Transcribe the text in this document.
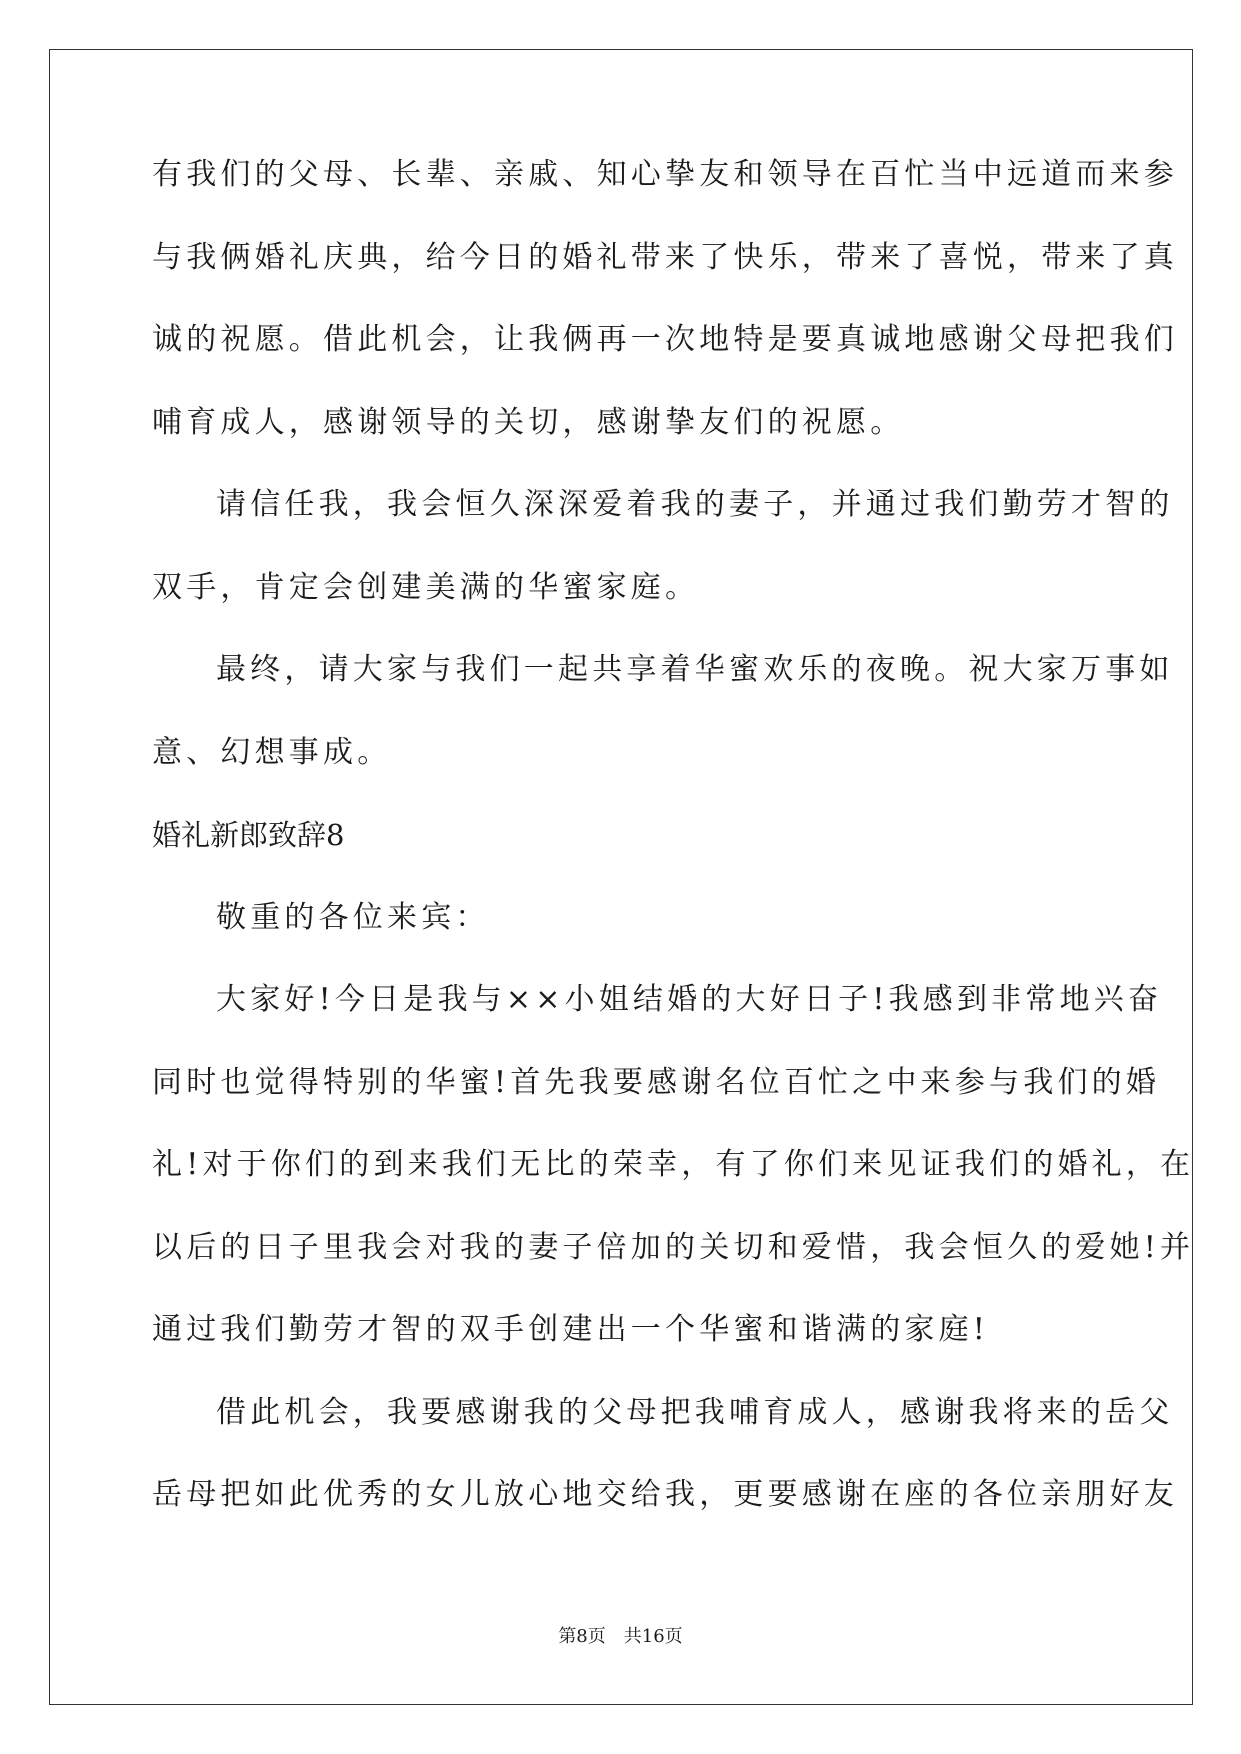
有我们的父母、长辈、亲戚、知心挚友和领导在百忙当中远道而来参
与我俩婚礼庆典，给今日的婚礼带来了快乐，带来了喜悦，带来了真
诚的祝愿。借此机会，让我俩再一次地特是要真诚地感谢父母把我们
哺育成人，感谢领导的关切，感谢挚友们的祝愿。
请信任我，我会恒久深深爱着我的妻子，并通过我们勤劳才智的
双手，肯定会创建美满的华蜜家庭。
最终，请大家与我们一起共享着华蜜欢乐的夜晚。祝大家万事如
意、幻想事成。
婚礼新郎致辞8
敬重的各位来宾：
大家好!今日是我与××小姐结婚的大好日子!我感到非常地兴奋
同时也觉得特别的华蜜!首先我要感谢名位百忙之中来参与我们的婚
礼!对于你们的到来我们无比的荣幸，有了你们来见证我们的婚礼，在
以后的日子里我会对我的妻子倍加的关切和爱惜，我会恒久的爱她!并
通过我们勤劳才智的双手创建出一个华蜜和谐满的家庭!
借此机会，我要感谢我的父母把我哺育成人，感谢我将来的岳父
岳母把如此优秀的女儿放心地交给我，更要感谢在座的各位亲朋好友
第8页 共16页
